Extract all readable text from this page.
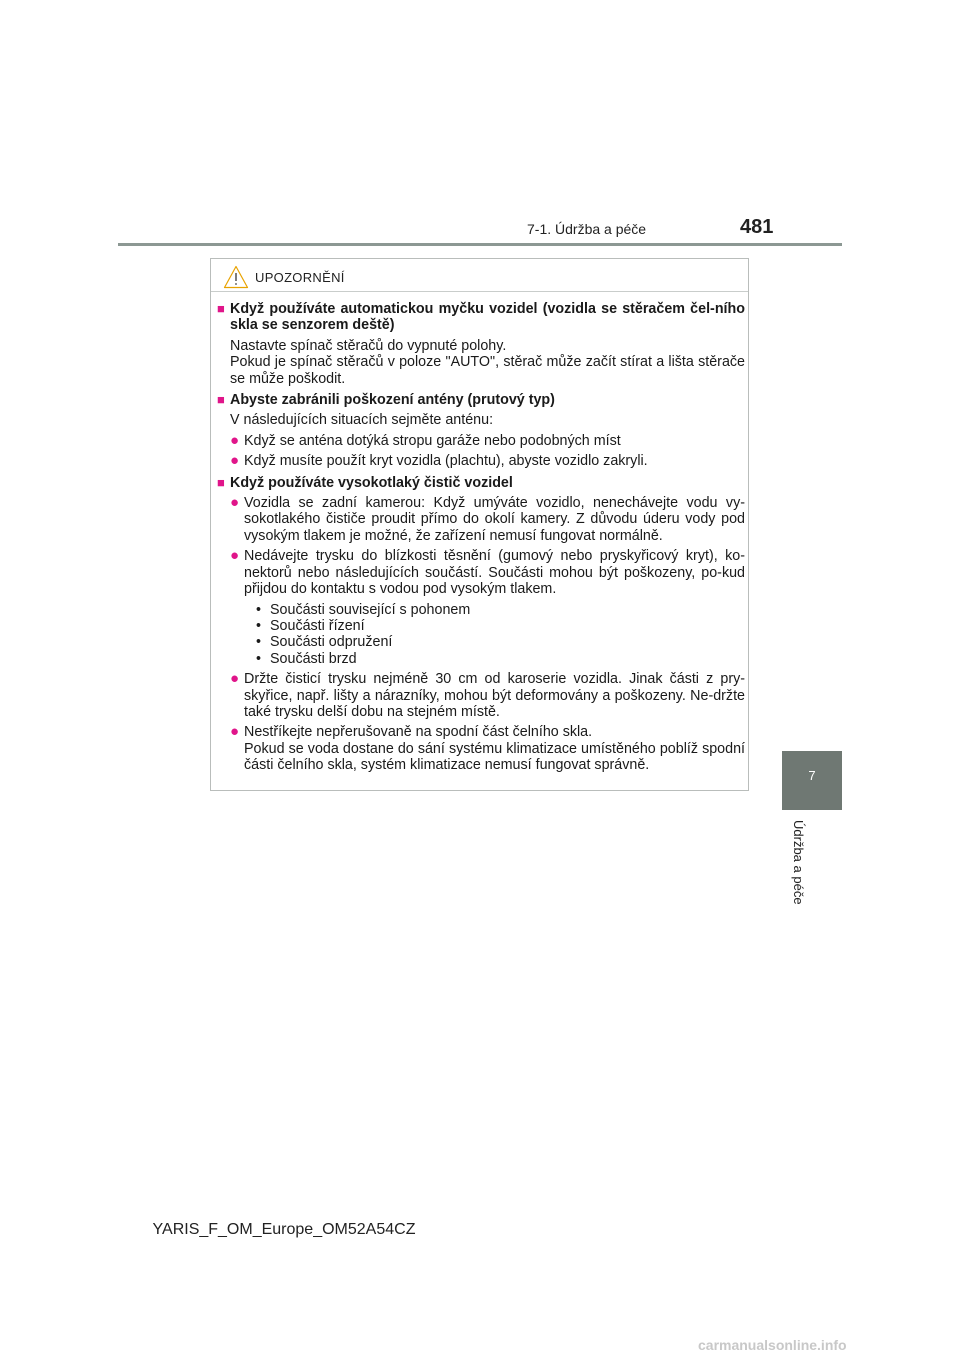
7-1. Údržba a péče	481
7
Údržba a péče
UPOZORNĚNÍ
■ Když používáte automatickou myčku vozidel (vozidla se stěračem čel-ního skla se senzorem deště)
Nastavte spínač stěračů do vypnuté polohy.
Pokud je spínač stěračů v poloze "AUTO", stěrač může začít stírat a lišta stěrače se může poškodit.
■ Abyste zabránili poškození antény (prutový typ)
V následujících situacích sejměte anténu:
● Když se anténa dotýká stropu garáže nebo podobných míst
● Když musíte použít kryt vozidla (plachtu), abyste vozidlo zakryli.
■ Když používáte vysokotlaký čistič vozidel
● Vozidla se zadní kamerou: Když umýváte vozidlo, nenechávejte vodu vy-sokotlakého čističe proudit přímo do okolí kamery. Z důvodu úderu vody pod vysokým tlakem je možné, že zařízení nemusí fungovat normálně.
● Nedávejte trysku do blízkosti těsnění (gumový nebo pryskyřicový kryt), ko-nektorů nebo následujících součástí. Součásti mohou být poškozeny, po-kud přijdou do kontaktu s vodou pod vysokým tlakem.
• Součásti související s pohonem
• Součásti řízení
• Součásti odpružení
• Součásti brzd
● Držte čisticí trysku nejméně 30 cm od karoserie vozidla. Jinak části z pry-skyřice, např. lišty a nárazníky, mohou být deformovány a poškozeny. Ne-držte také trysku delší dobu na stejném místě.
● Nestříkejte nepřerušovaně na spodní část čelního skla.
Pokud se voda dostane do sání systému klimatizace umístěného poblíž spodní části čelního skla, systém klimatizace nemusí fungovat správně.
YARIS_F_OM_Europe_OM52A54CZ
carmanualsonline.info
